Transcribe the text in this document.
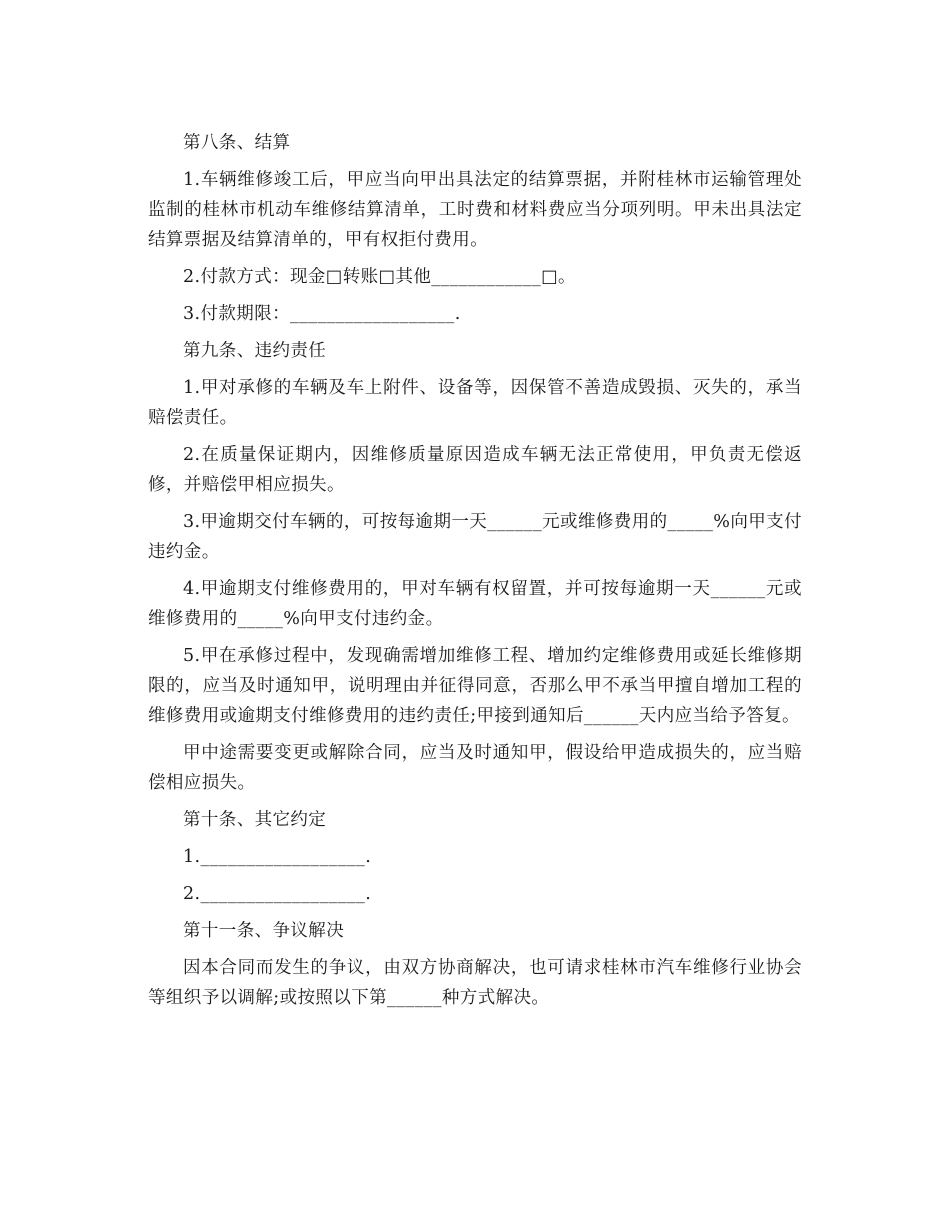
第八条、结算

1.车辆维修竣工后，甲应当向甲出具法定的结算票据，并附桂林市运输管理处监制的桂林市机动车维修结算清单，工时费和材料费应当分项列明。甲未出具法定结算票据及结算清单的，甲有权拒付费用。

2.付款方式：现金□转账□其他____________□。

3.付款期限：__________________.

第九条、违约责任

1.甲对承修的车辆及车上附件、设备等，因保管不善造成毁损、灭失的，承当赔偿责任。

2.在质量保证期内，因维修质量原因造成车辆无法正常使用，甲负责无偿返修，并赔偿甲相应损失。

3.甲逾期交付车辆的，可按每逾期一天______元或维修费用的_____%向甲支付违约金。

4.甲逾期支付维修费用的，甲对车辆有权留置，并可按每逾期一天______元或维修费用的_____%向甲支付违约金。

5.甲在承修过程中，发现确需增加维修工程、增加约定维修费用或延长维修期限的，应当及时通知甲，说明理由并征得同意，否那么甲不承当甲擅自增加工程的维修费用或逾期支付维修费用的违约责任;甲接到通知后______天内应当给予答复。

甲中途需要变更或解除合同，应当及时通知甲，假设给甲造成损失的，应当赔偿相应损失。

第十条、其它约定

1.__________________.

2.__________________.

第十一条、争议解决

因本合同而发生的争议，由双方协商解决，也可请求桂林市汽车维修行业协会等组织予以调解;或按照以下第______种方式解决。
